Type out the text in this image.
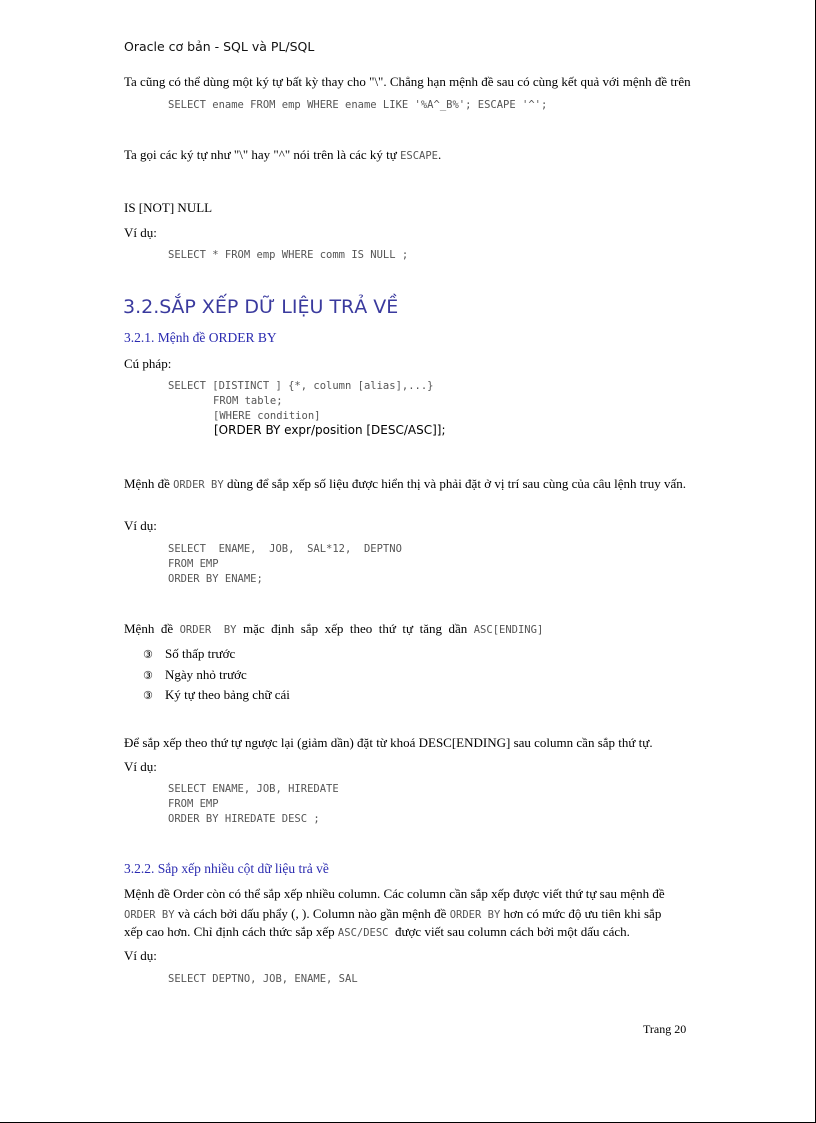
Oracle cơ bản - SQL và PL/SQL
Ta cũng có thể dùng một ký tự bất kỳ thay cho "\". Chẳng hạn mệnh đề sau có cùng kết quả với mệnh đề trên
SELECT ename FROM emp WHERE ename LIKE '%A^_B%'; ESCAPE '^';
Ta gọi các ký tự như "\" hay "^" nói trên là các ký tự ESCAPE.
IS [NOT] NULL
Ví dụ:
SELECT * FROM emp WHERE comm IS NULL ;
3.2.SẮP XẾP DỮ LIỆU TRẢ VỀ
3.2.1. Mệnh đề ORDER BY
Cú pháp:
SELECT [DISTINCT ] {*, column [alias],...}
FROM table;
[WHERE condition]
[ORDER BY expr/position [DESC/ASC]];
Mệnh đề ORDER BY dùng để sắp xếp số liệu được hiển thị và phải đặt ở vị trí sau cùng của câu lệnh truy vấn.
Ví dụ:
SELECT  ENAME,  JOB,  SAL*12,  DEPTNO
FROM EMP
ORDER BY ENAME;
Mệnh  đề  ORDER  BY  mặc  định  sắp  xếp  theo  thứ  tự  tăng  dần  ASC[ENDING]
③ Số thấp trước
③ Ngày nhỏ trước
③ Ký tự theo bảng chữ cái
Để sắp xếp theo thứ tự ngược lại (giảm dần) đặt từ khoá DESC[ENDING] sau column cần sắp thứ tự.
Ví dụ:
SELECT ENAME, JOB, HIREDATE
FROM EMP
ORDER BY HIREDATE DESC ;
3.2.2. Sắp xếp nhiều cột dữ liệu trả về
Mệnh đề Order còn có thể sắp xếp nhiều column. Các column cần sắp xếp được viết thứ tự sau mệnh đề
ORDER BY và cách bởi dấu phẩy (, ). Column nào gần mệnh đề ORDER BY hơn có mức độ ưu tiên khi sắp
xếp cao hơn. Chỉ định cách thức sắp xếp ASC/DESC  được viết sau column cách bởi một dấu cách.
Ví dụ:
SELECT DEPTNO, JOB, ENAME, SAL
Trang 20
